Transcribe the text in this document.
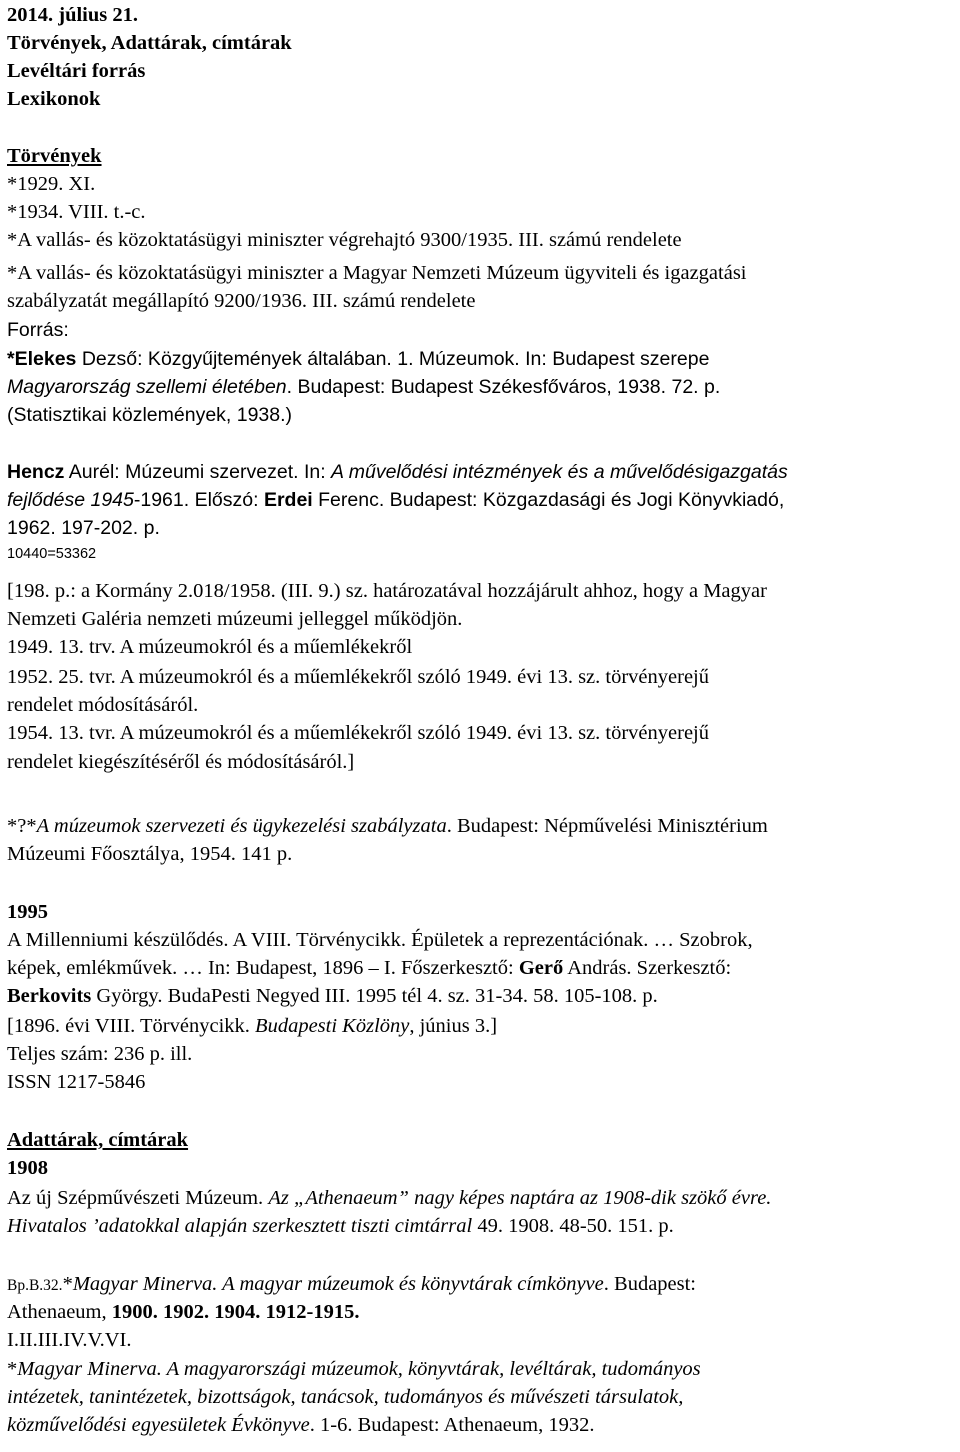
2014. július 21.
Törvények, Adattárak, címtárak
Levéltári forrás
Lexikonok
Törvények
*1929. XI.
*1934. VIII. t.-c.
*A vallás- és közoktatásügyi miniszter végrehajtó 9300/1935. III. számú rendelete
*A vallás- és közoktatásügyi miniszter a Magyar Nemzeti Múzeum ügyviteli és igazgatási
szabályzatát megállapító 9200/1936. III. számú rendelete
Forrás:
*Elekes Dezső: Közgyűjtemények általában. 1. Múzeumok. In: Budapest szerepe
Magyarország szellemi életében. Budapest: Budapest Székesfőváros, 1938. 72. p.
(Statisztikai közlemények, 1938.)
Hencz Aurél: Múzeumi szervezet. In: A művelődési intézmények és a művelődésigazgatás
fejlődése 1945-1961. Előszó: Erdei Ferenc. Budapest: Közgazdasági és Jogi Könyvkiadó,
1962. 197-202. p.
10440=53362
[198. p.: a Kormány 2.018/1958. (III. 9.) sz. határozatával hozzájárult ahhoz, hogy a Magyar
Nemzeti Galéria nemzeti múzeumi jelleggel működjön.
1949. 13. trv. A múzeumokról és a műemlékekről
1952. 25. tvr. A múzeumokról és a műemlékekről szóló 1949. évi 13. sz. törvényerejű
rendelet módosításáról.
1954. 13. tvr. A múzeumokról és a műemlékekről szóló 1949. évi 13. sz. törvényerejű
rendelet kiegészítéséről és módosításáról.]
*?*A múzeumok szervezeti és ügykezelési szabályzata. Budapest: Népművelési Minisztérium
Múzeumi Főosztálya, 1954. 141 p.
1995
A Millenniumi készülődés. A VIII. Törvénycikk. Épületek a reprezentációnak. … Szobrok,
képek, emlékművek. … In: Budapest, 1896 – I. Főszerkesztő: Gerő András. Szerkesztő:
Berkovits György. BudaPesti Negyed III. 1995 tél 4. sz. 31-34. 58. 105-108. p.
[1896. évi VIII. Törvénycikk. Budapesti Közlöny, június 3.]
Teljes szám: 236 p. ill.
ISSN 1217-5846
Adattárak, címtárak
1908
Az új Szépművészeti Múzeum. Az „Athenaeum” nagy képes naptára az 1908-dik szökő évre.
Hivatalos ’adatokkal alapján szerkesztett tiszti cimtárral 49. 1908. 48-50. 151. p.
Bp.B.32.*Magyar Minerva. A magyar múzeumok és könyvtárak címkönyve. Budapest:
Athenaeum, 1900. 1902. 1904. 1912-1915.
I.II.III.IV.V.VI.
*Magyar Minerva. A magyarországi múzeumok, könyvtárak, levéltárak, tudományos
intézetek, tanintézetek, bizottságok, tanácsok, tudományos és művészeti társulatok,
közművelődési egyesületek Évkönyve. 1-6. Budapest: Athenaeum, 1932.
